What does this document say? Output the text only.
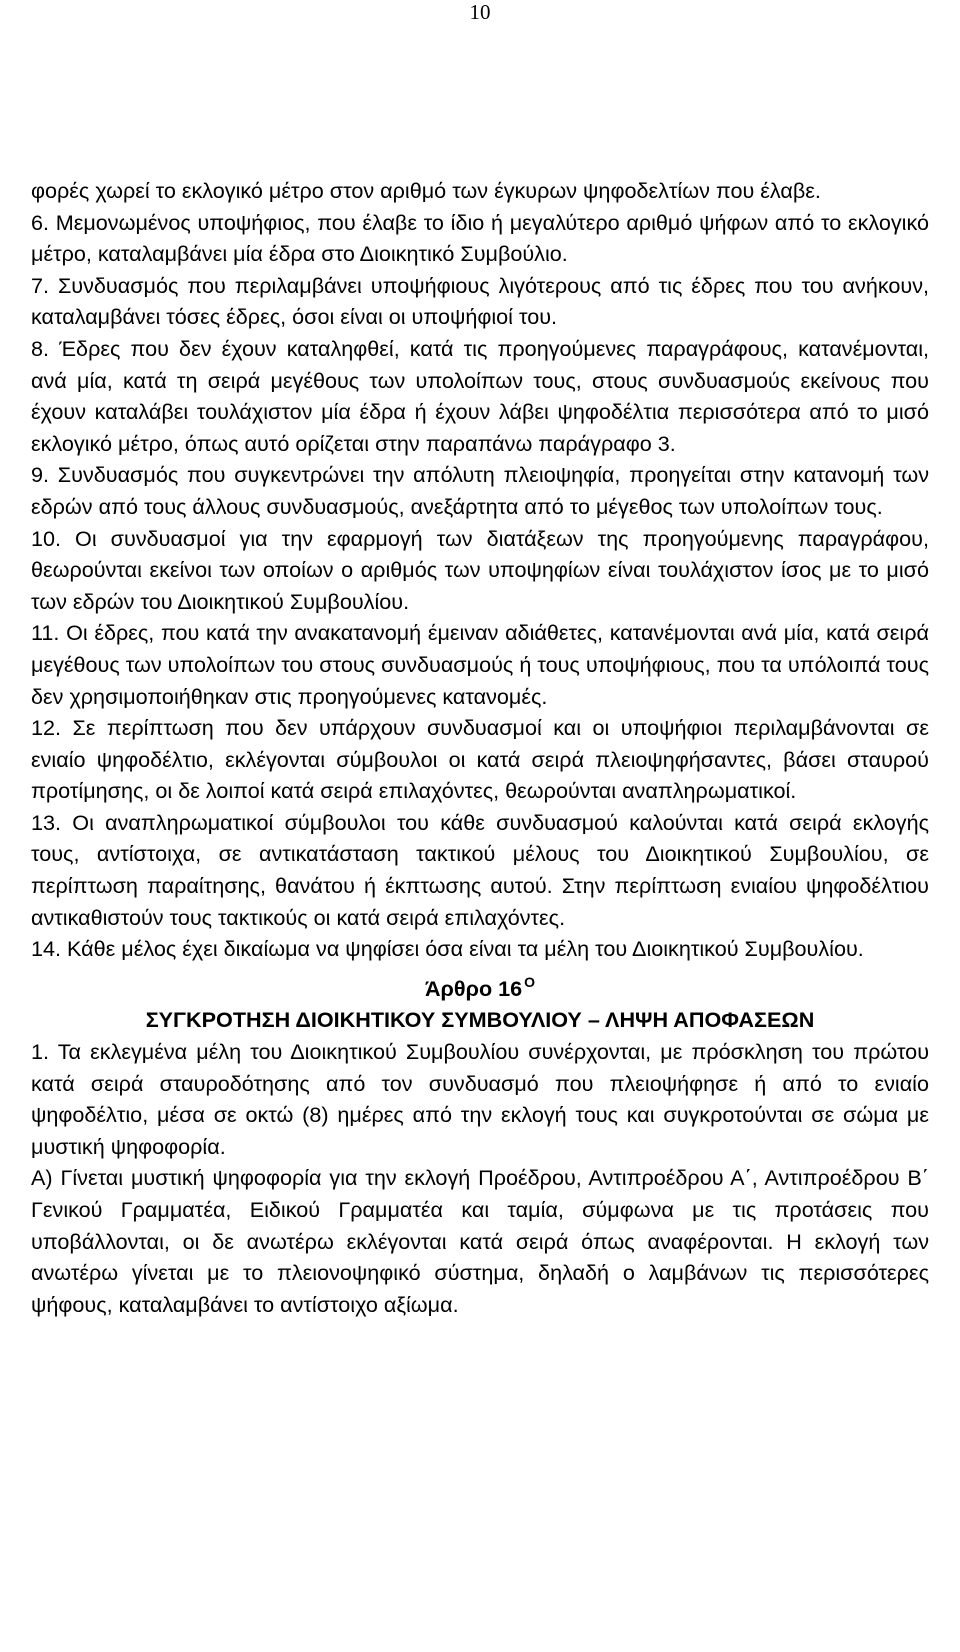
10

φορές χωρεί το εκλογικό μέτρο στον αριθμό των έγκυρων ψηφοδελτίων που έλαβε.

6. Μεμονωμένος υποψήφιος, που έλαβε το ίδιο ή μεγαλύτερο αριθμό ψήφων από το εκλογικό μέτρο, καταλαμβάνει μία έδρα στο Διοικητικό Συμβούλιο.

7. Συνδυασμός που περιλαμβάνει υποψήφιους λιγότερους από τις έδρες που του ανήκουν, καταλαμβάνει τόσες έδρες, όσοι είναι οι υποψήφιοί του.

8. Έδρες που δεν έχουν καταληφθεί, κατά τις προηγούμενες παραγράφους, κατανέμονται, ανά μία, κατά τη σειρά μεγέθους των υπολοίπων τους, στους συνδυασμούς εκείνους που έχουν καταλάβει τουλάχιστον μία έδρα ή έχουν λάβει ψηφοδέλτια περισσότερα από το μισό εκλογικό μέτρο, όπως αυτό ορίζεται στην παραπάνω παράγραφο 3.

9. Συνδυασμός που συγκεντρώνει την απόλυτη πλειοψηφία, προηγείται στην κατανομή των εδρών από τους άλλους συνδυασμούς, ανεξάρτητα από το μέγεθος των υπολοίπων τους.

10. Οι συνδυασμοί για την εφαρμογή των διατάξεων της προηγούμενης παραγράφου, θεωρούνται εκείνοι των οποίων ο αριθμός των υποψηφίων είναι τουλάχιστον ίσος με το μισό των εδρών του Διοικητικού Συμβουλίου.

11. Οι έδρες, που κατά την ανακατανομή έμειναν αδιάθετες, κατανέμονται ανά μία, κατά σειρά μεγέθους των υπολοίπων του στους συνδυασμούς ή τους υποψήφιους, που τα υπόλοιπά τους δεν χρησιμοποιήθηκαν στις προηγούμενες κατανομές.

12. Σε περίπτωση που δεν υπάρχουν συνδυασμοί και οι υποψήφιοι περιλαμβάνονται σε ενιαίο ψηφοδέλτιο, εκλέγονται σύμβουλοι οι κατά σειρά πλειοψηφήσαντες, βάσει σταυρού προτίμησης, οι δε λοιποί κατά σειρά επιλαχόντες, θεωρούνται αναπληρωματικοί.

13. Οι αναπληρωματικοί σύμβουλοι του κάθε συνδυασμού καλούνται κατά σειρά εκλογής τους, αντίστοιχα, σε αντικατάσταση τακτικού μέλους του Διοικητικού Συμβουλίου, σε περίπτωση παραίτησης, θανάτου ή έκπτωσης αυτού. Στην περίπτωση ενιαίου ψηφοδέλτιου αντικαθιστούν τους τακτικούς οι κατά σειρά επιλαχόντες.

14. Κάθε μέλος έχει δικαίωμα να ψηφίσει όσα είναι τα μέλη του Διοικητικού Συμβουλίου.

Άρθρο 16 $^O$

ΣΥΓΚΡΟΤΗΣΗ ΔΙΟΙΚΗΤΙΚΟΥ ΣΥΜΒΟΥΛΙΟΥ – ΛΗΨΗ ΑΠΟΦΑΣΕΩΝ

1. Τα εκλεγμένα μέλη του Διοικητικού Συμβουλίου συνέρχονται, με πρόσκληση του πρώτου κατά σειρά σταυροδότησης από τον συνδυασμό που πλειοψήφησε ή από το ενιαίο ψηφοδέλτιο, μέσα σε οκτώ (8) ημέρες από την εκλογή τους και συγκροτούνται σε σώμα με μυστική ψηφοφορία.

Α) Γίνεται μυστική ψηφοφορία για την εκλογή Προέδρου, Αντιπροέδρου Α΄, Αντιπροέδρου Β΄ Γενικού Γραμματέα, Ειδικού Γραμματέα και ταμία, σύμφωνα με τις προτάσεις που υποβάλλονται, οι δε ανωτέρω εκλέγονται κατά σειρά όπως αναφέρονται. Η εκλογή των ανωτέρω γίνεται με το πλειονοψηφικό σύστημα, δηλαδή ο λαμβάνων τις περισσότερες ψήφους, καταλαμβάνει το αντίστοιχο αξίωμα.
